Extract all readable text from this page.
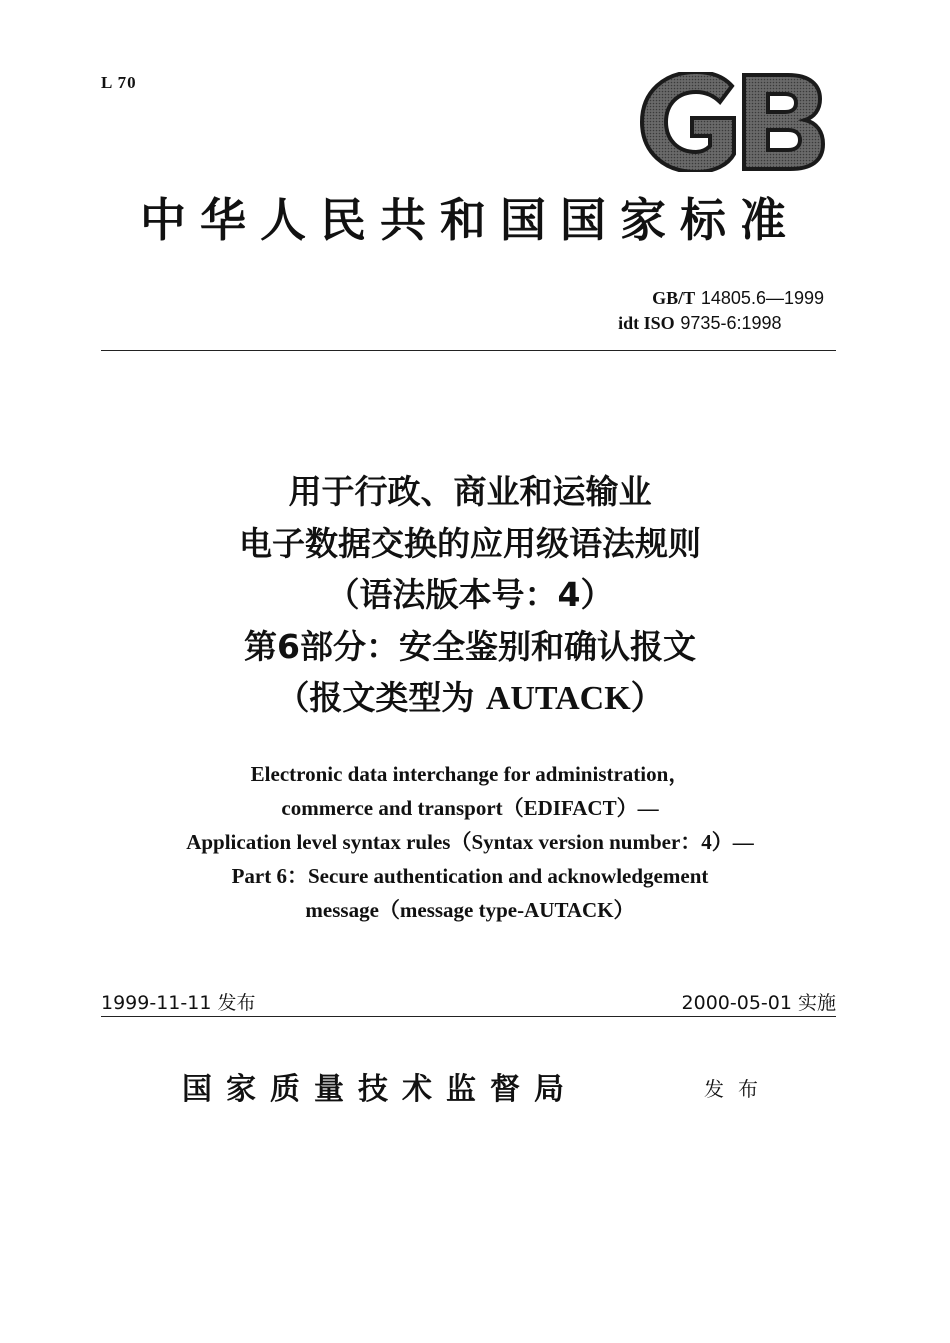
L 70
中华人民共和国国家标准
GB/T 14805.6—1999
idt ISO 9735-6:1998
用于行政、商业和运输业
电子数据交换的应用级语法规则
（语法版本号：4）
第6部分：安全鉴别和确认报文
（报文类型为 AUTACK）
Electronic data interchange for administration，
commerce and transport（EDIFACT）—
Application level syntax rules（Syntax version number：4）—
Part 6：Secure authentication and acknowledgement
message（message type-AUTACK）
1999-11-11 发布	2000-05-01 实施
国家质量技术监督局	发布
